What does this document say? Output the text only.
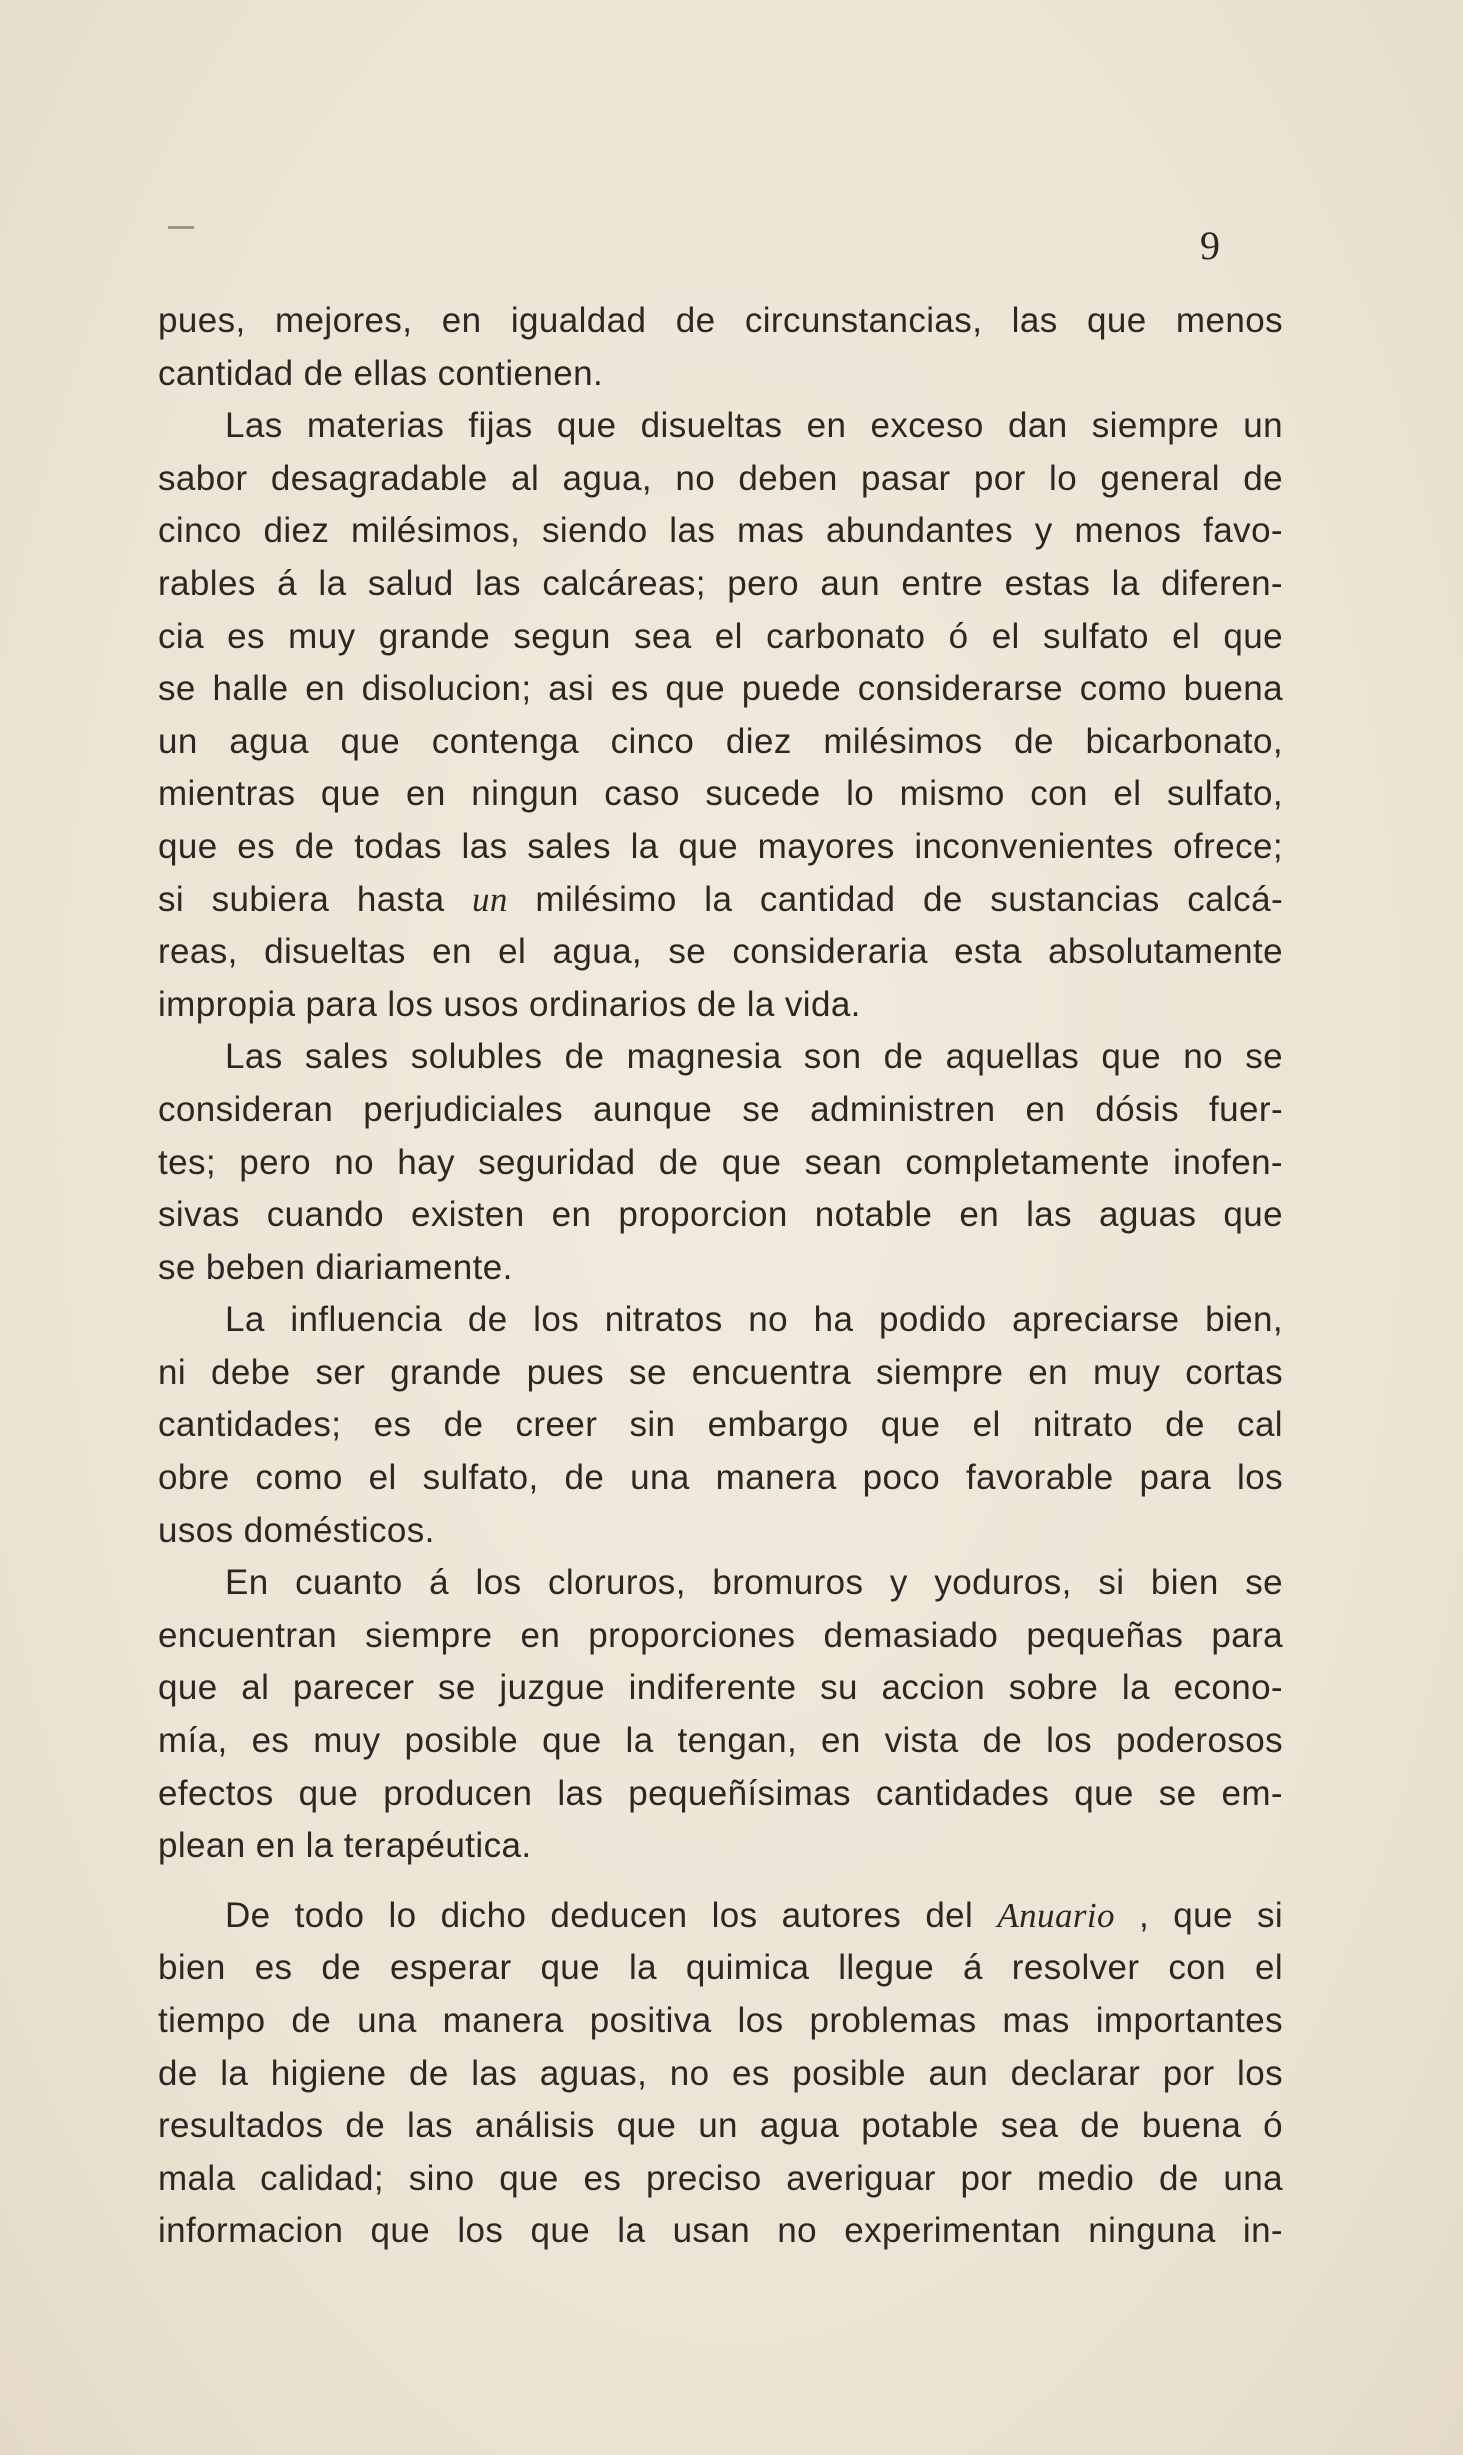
9
pues, mejores, en igualdad de circunstancias, las que menos
cantidad de ellas contienen.
Las materias fijas que disueltas en exceso dan siempre un
sabor desagradable al agua, no deben pasar por lo general de
cinco diez milésimos, siendo las mas abundantes y menos favo-
rables á la salud las calcáreas; pero aun entre estas la diferen-
cia es muy grande segun sea el carbonato ó el sulfato el que
se halle en disolucion; asi es que puede considerarse como buena
un agua que contenga cinco diez milésimos de bicarbonato,
mientras que en ningun caso sucede lo mismo con el sulfato,
que es de todas las sales la que mayores inconvenientes ofrece;
si subiera hasta un milésimo la cantidad de sustancias calcá-
reas, disueltas en el agua, se consideraria esta absolutamente
impropia para los usos ordinarios de la vida.
Las sales solubles de magnesia son de aquellas que no se
consideran perjudiciales aunque se administren en dósis fuer-
tes; pero no hay seguridad de que sean completamente inofen-
sivas cuando existen en proporcion notable en las aguas que
se beben diariamente.
La influencia de los nitratos no ha podido apreciarse bien,
ni debe ser grande pues se encuentra siempre en muy cortas
cantidades; es de creer sin embargo que el nitrato de cal
obre como el sulfato, de una manera poco favorable para los
usos domésticos.
En cuanto á los cloruros, bromuros y yoduros, si bien se
encuentran siempre en proporciones demasiado pequeñas para
que al parecer se juzgue indiferente su accion sobre la econo-
mía, es muy posible que la tengan, en vista de los poderosos
efectos que producen las pequeñísimas cantidades que se em-
plean en la terapéutica.
De todo lo dicho deducen los autores del Anuario , que si
bien es de esperar que la quimica llegue á resolver con el
tiempo de una manera positiva los problemas mas importantes
de la higiene de las aguas, no es posible aun declarar por los
resultados de las análisis que un agua potable sea de buena ó
mala calidad; sino que es preciso averiguar por medio de una
informacion que los que la usan no experimentan ninguna in-
